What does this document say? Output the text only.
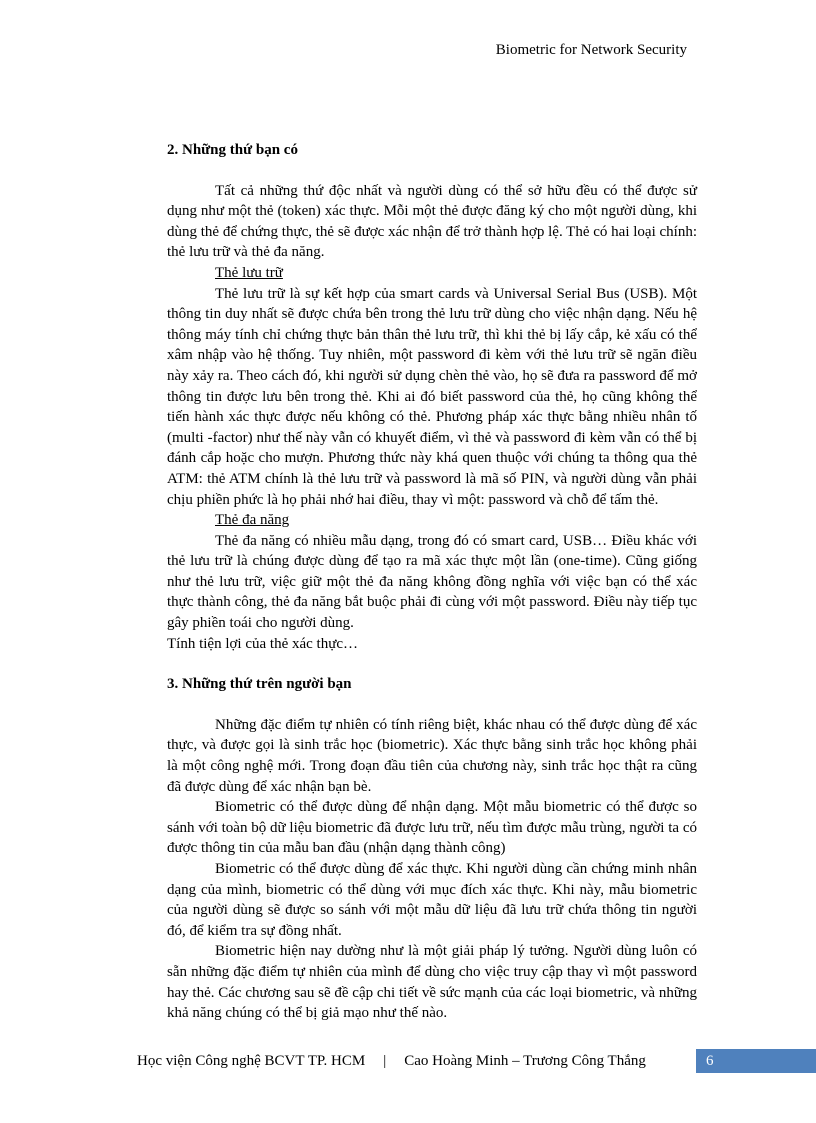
Biometric for Network Security

2. Những thứ bạn có

Tất cả những thứ độc nhất và người dùng có thể sở hữu đều có thể được sử dụng như một thẻ (token) xác thực. Mỗi một thẻ được đăng ký cho một người dùng, khi dùng thẻ để chứng thực, thẻ sẽ được xác nhận để trở thành hợp lệ. Thẻ có hai loại chính: thẻ lưu trữ và thẻ đa năng.

Thẻ lưu trữ

Thẻ lưu trữ là sự kết hợp của smart cards và Universal Serial Bus (USB). Một thông tin duy nhất sẽ được chứa bên trong thẻ lưu trữ dùng cho việc nhận dạng. Nếu hệ thông máy tính chỉ chứng thực bản thân thẻ lưu trữ, thì khi thẻ bị lấy cắp, kẻ xấu có thể xâm nhập vào hệ thống. Tuy nhiên, một password đi kèm với thẻ lưu trữ sẽ ngăn điều này xảy ra. Theo cách đó, khi người sử dụng chèn thẻ vào, họ sẽ đưa ra password để mở thông tin được lưu bên trong thẻ. Khi ai đó biết password của thẻ, họ cũng không thể tiến hành xác thực được nếu không có thẻ. Phương pháp xác thực bằng nhiều nhân tố (multi -factor) như thế này vẫn có khuyết điểm, vì thẻ và password đi kèm vẫn có thể bị đánh cắp hoặc cho mượn. Phương thức này khá quen thuộc với chúng ta thông qua thẻ ATM: thẻ ATM chính là thẻ lưu trữ và password là mã số PIN, và người dùng vẫn phải chịu phiền phức là họ phải nhớ hai điều, thay vì một: password và chỗ để tấm thẻ.

Thẻ đa năng

Thẻ đa năng có nhiều mẫu dạng, trong đó có smart card, USB… Điều khác với thẻ lưu trữ là chúng được dùng để tạo ra mã xác thực một lần (one-time). Cũng giống như thẻ lưu trữ, việc giữ một thẻ đa năng không đồng nghĩa với việc bạn có thể xác thực thành công, thẻ đa năng bắt buộc phải đi cùng với một password. Điều này tiếp tục gây phiền toái cho người dùng.

Tính tiện lợi của thẻ xác thực…

3. Những thứ trên người bạn

Những đặc điểm tự nhiên có tính riêng biệt, khác nhau có thể được dùng để xác thực, và được gọi là sinh trắc học (biometric). Xác thực bằng sinh trắc học không phải là một công nghệ mới. Trong đoạn đầu tiên của chương này, sinh trắc học thật ra cũng đã được dùng để xác nhận bạn bè.

Biometric có thể được dùng để nhận dạng. Một mẫu biometric có thể được so sánh với toàn bộ dữ liệu biometric đã được lưu trữ, nếu tìm được mẫu trùng, người ta có được thông tin của mẫu ban đầu (nhận dạng thành công)

Biometric có thể được dùng để xác thực. Khi người dùng cần chứng minh nhân dạng của mình, biometric có thể dùng với mục đích xác thực. Khi này, mẫu biometric của người dùng sẽ được so sánh với một mẫu dữ liệu đã lưu trữ chứa thông tin người đó, để kiểm tra sự đồng nhất.

Biometric hiện nay dường như là một giải pháp lý tưởng. Người dùng luôn có sẵn những đặc điểm tự nhiên của mình để dùng cho việc truy cập thay vì một password hay thẻ. Các chương sau sẽ đề cập chi tiết về sức mạnh của các loại biometric, và những khả năng chúng có thể bị giả mạo như thế nào.

Học viện Công nghệ BCVT TP. HCM | Cao Hoàng Minh – Trương Công Thắng	6
